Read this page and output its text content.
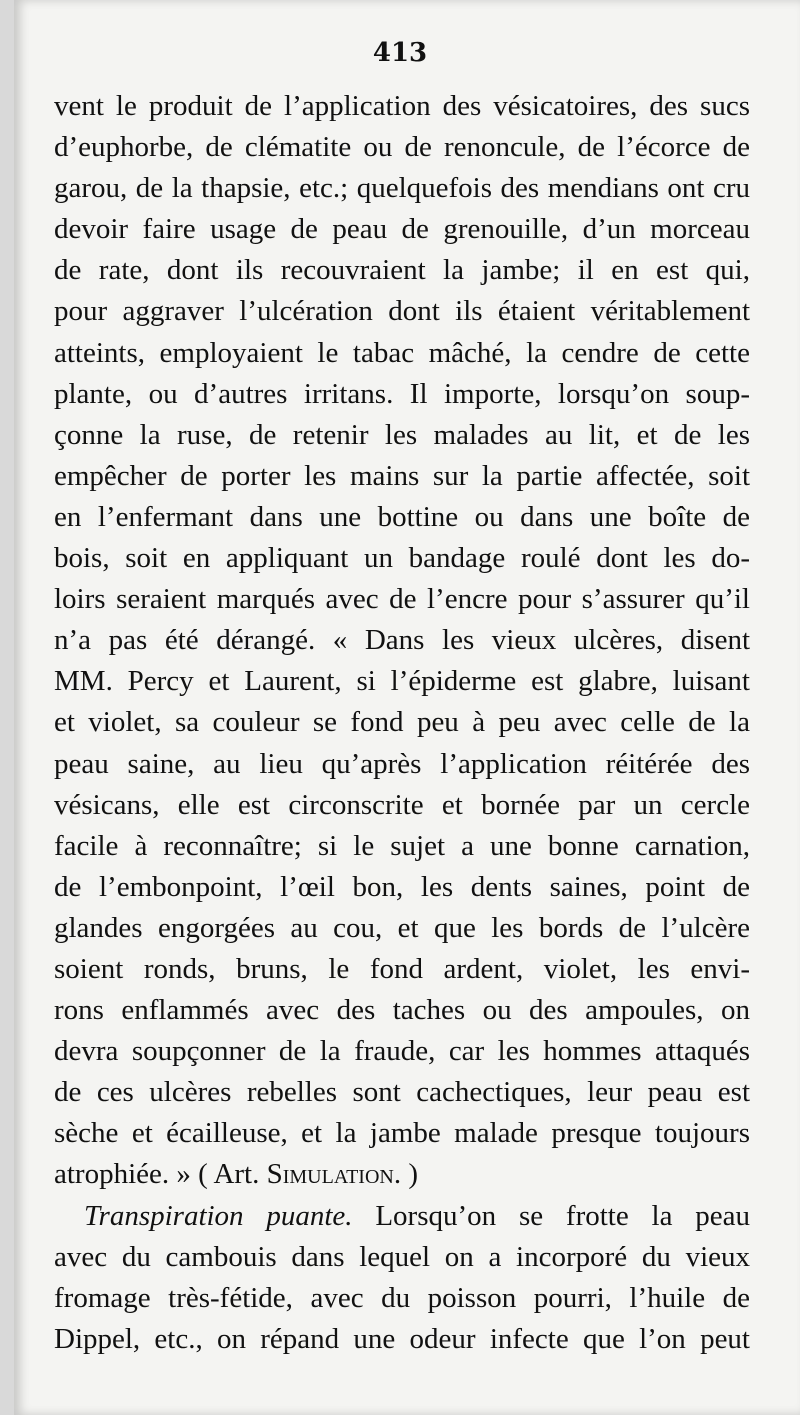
413
vent le produit de l’application des vésicatoires, des sucs
d’euphorbe, de clématite ou de renoncule, de l’écorce de
garou, de la thapsie, etc.; quelquefois des mendians ont cru
devoir faire usage de peau de grenouille, d’un morceau
de rate, dont ils recouvraient la jambe; il en est qui,
pour aggraver l’ulcération dont ils étaient véritablement
atteints, employaient le tabac mâché, la cendre de cette
plante, ou d’autres irritans. Il importe, lorsqu’on soup-
çonne la ruse, de retenir les malades au lit, et de les
empêcher de porter les mains sur la partie affectée, soit
en l’enfermant dans une bottine ou dans une boîte de
bois, soit en appliquant un bandage roulé dont les do-
loirs seraient marqués avec de l’encre pour s’assurer qu’il
n’a pas été dérangé. « Dans les vieux ulcères, disent
MM. Percy et Laurent, si l’épiderme est glabre, luisant
et violet, sa couleur se fond peu à peu avec celle de la
peau saine, au lieu qu’après l’application réitérée des
vésicans, elle est circonscrite et bornée par un cercle
facile à reconnaître; si le sujet a une bonne carnation,
de l’embonpoint, l’œil bon, les dents saines, point de
glandes engorgées au cou, et que les bords de l’ulcère
soient ronds, bruns, le fond ardent, violet, les envi-
rons enflammés avec des taches ou des ampoules, on
devra soupçonner de la fraude, car les hommes attaqués
de ces ulcères rebelles sont cachectiques, leur peau est
sèche et écailleuse, et la jambe malade presque toujours
atrophiée. » ( Art. Simulation. )
Transpiration puante. Lorsqu’on se frotte la peau
avec du cambouis dans lequel on a incorporé du vieux
fromage très-fétide, avec du poisson pourri, l’huile de
Dippel, etc., on répand une odeur infecte que l’on peut
